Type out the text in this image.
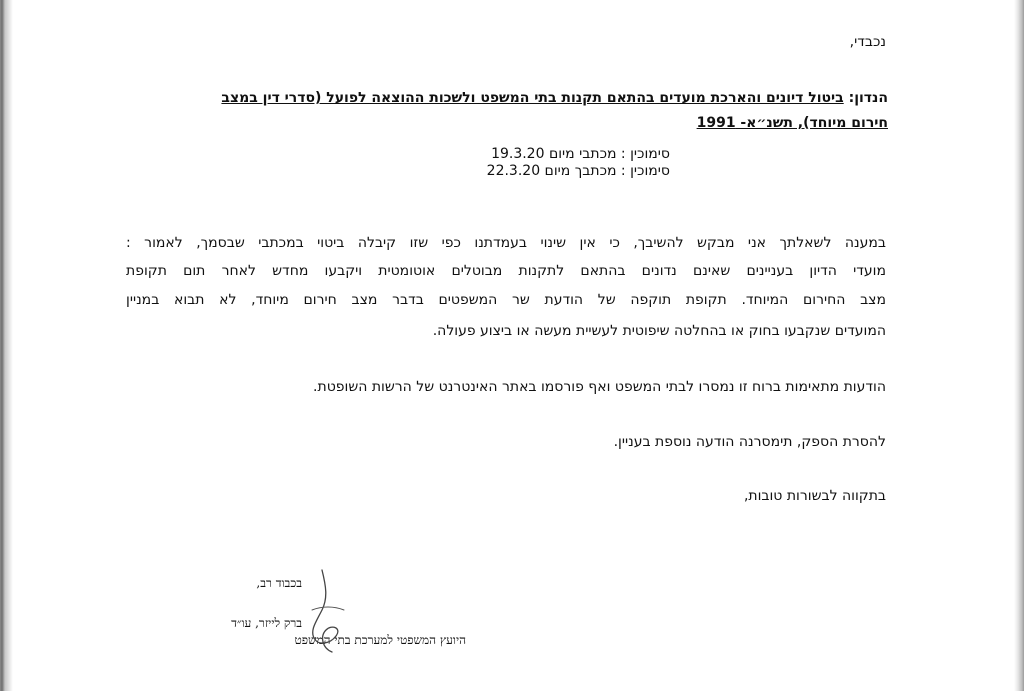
נכבדי,
הנדון: ביטול דיונים והארכת מועדים בהתאם תקנות בתי המשפט ולשכות ההוצאה לפועל (סדרי דין במצב
חירום מיוחד), תשנ״א- 1991
סימוכין : מכתבי מיום 19.3.20
סימוכין : מכתבך מיום 22.3.20
במענה לשאלתך אני מבקש להשיבך, כי אין שינוי בעמדתנו כפי שזו קיבלה ביטוי במכתבי שבסמך, לאמור :
מועדי הדיון בעניינים שאינם נדונים בהתאם לתקנות מבוטלים אוטומטית ויקבעו מחדש לאחר תום תקופת
מצב החירום המיוחד. תקופת תוקפה של הודעת שר המשפטים בדבר מצב חירום מיוחד, לא תבוא במניין
המועדים שנקבעו בחוק או בהחלטה שיפוטית לעשיית מעשה או ביצוע פעולה.
הודעות מתאימות ברוח זו נמסרו לבתי המשפט ואף פורסמו באתר האינטרנט של הרשות השופטת.
להסרת הספק, תימסרנה הודעה נוספת בעניין.
בתקווה לבשורות טובות,
בכבוד רב,
ברק לייזר, עו״ד
היועץ המשפטי למערכת בתי המשפט
